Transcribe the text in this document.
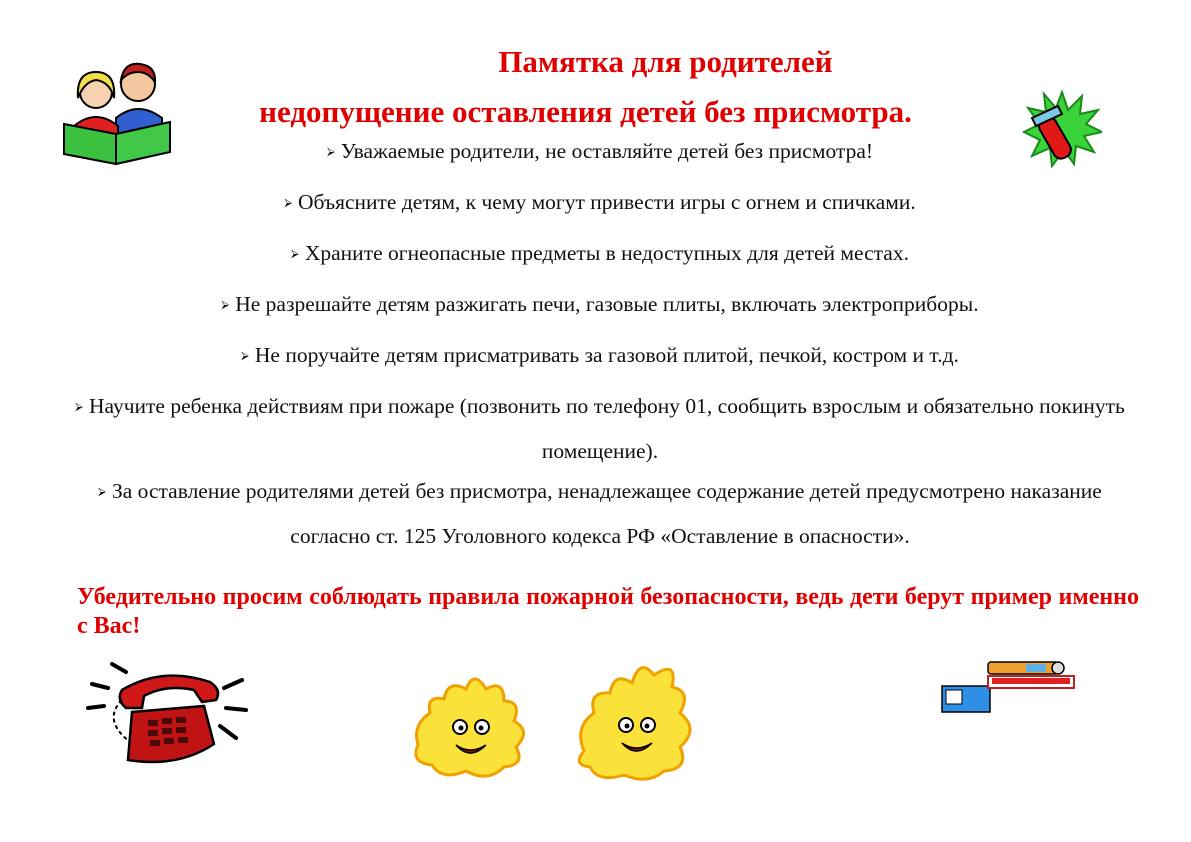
Памятка для родителей
недопущение оставления детей без присмотра.

⮚ Уважаемые родители, не оставляйте детей без присмотра!

⮚ Объясните детям, к чему могут привести игры с огнем и спичками.

⮚ Храните огнеопасные предметы в недоступных для детей местах.

⮚ Не разрешайте детям разжигать печи, газовые плиты, включать электроприборы.

⮚ Не поручайте детям присматривать за газовой плитой, печкой, костром и т.д.

⮚ Научите ребенка действиям при пожаре (позвонить по телефону 01, сообщить взрослым и обязательно покинуть помещение).

⮚ За оставление родителями детей без присмотра, ненадлежащее содержание детей предусмотрено наказание согласно ст. 125 Уголовного кодекса РФ «Оставление в опасности».

Убедительно просим соблюдать правила пожарной безопасности, ведь дети берут пример именно с Вас!
